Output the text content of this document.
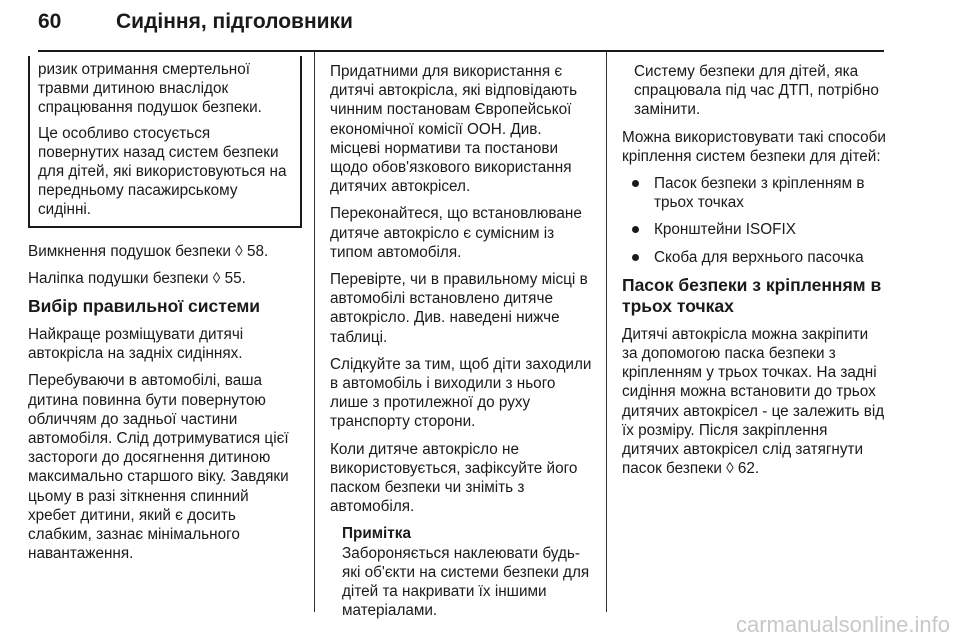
60	Сидіння, підголовники

ризик отримання смертельної травми дитиною внаслідок спрацювання подушок безпеки.

Це особливо стосується повернутих назад систем безпеки для дітей, які використовуються на передньому пасажирському сидінні.

Вимкнення подушок безпеки ◊ 58.

Наліпка подушки безпеки ◊ 55.

Вибір правильної системи

Найкраще розміщувати дитячі автокрісла на задніх сидіннях.

Перебуваючи в автомобілі, ваша дитина повинна бути повернутою обличчям до задньої частини автомобіля. Слід дотримуватися цієї застороги до досягнення дитиною максимально старшого віку. Завдяки цьому в разі зіткнення спинний хребет дитини, який є досить слабким, зазнає мінімального навантаження.

Придатними для використання є дитячі автокрісла, які відповідають чинним постановам Європейської економічної комісії ООН. Див. місцеві нормативи та постанови щодо обов'язкового використання дитячих автокрісел.

Переконайтеся, що встановлюване дитяче автокрісло є сумісним із типом автомобіля.

Перевірте, чи в правильному місці в автомобілі встановлено дитяче автокрісло. Див. наведені нижче таблиці.

Слідкуйте за тим, щоб діти заходили в автомобіль і виходили з нього лише з протилежної до руху транспорту сторони.

Коли дитяче автокрісло не використовується, зафіксуйте його паском безпеки чи зніміть з автомобіля.

Примітка
Забороняється наклеювати будь-які об'єкти на системи безпеки для дітей та накривати їх іншими матеріалами.

Систему безпеки для дітей, яка спрацювала під час ДТП, потрібно замінити.

Можна використовувати такі способи кріплення систем безпеки для дітей:

Пасок безпеки з кріпленням в трьох точках
Кронштейни ISOFIX
Скоба для верхнього пасочка
Пасок безпеки з кріпленням в трьох точках

Дитячі автокрісла можна закріпити за допомогою паска безпеки з кріпленням у трьох точках. На задні сидіння можна встановити до трьох дитячих автокрісел - це залежить від їх розміру. Після закріплення дитячих автокрісел слід затягнути пасок безпеки ◊ 62.

carmanualsonline.info
